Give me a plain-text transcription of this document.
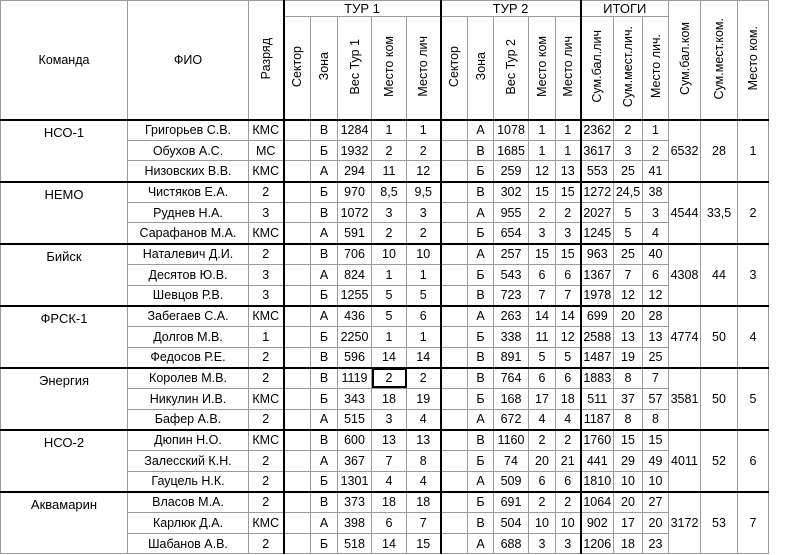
Команда	ФИО	Разряд	ТУР 1					ТУР 2					ИТОГИ			Сум.бал.ком	Сум.мест.ком.	Место ком.
			Сектор	Зона	Вес Тур 1	Место ком	Место лич	Сектор	Зона	Вес Тур 2	Место ком	Место лич	Сум.бал.лич	Сум.мест.лич.	Место лич.			
НСО-1	Григорьев С.В.	КМС		В	1284	1	1		А	1078	1	1	2362	2	1	6532	28	1
	Обухов А.С.	МС		Б	1932	2	2		В	1685	1	1	3617	3	2			
	Низовских В.В.	КМС		А	294	11	12		Б	259	12	13	553	25	41			
НЕМО	Чистяков Е.А.	2		Б	970	8,5	9,5		В	302	15	15	1272	24,5	38	4544	33,5	2
	Руднев Н.А.	3		В	1072	3	3		А	955	2	2	2027	5	3			
	Сарафанов М.А.	КМС		А	591	2	2		Б	654	3	3	1245	5	4			
Бийск	Наталевич Д.И.	2		В	706	10	10		А	257	15	15	963	25	40	4308	44	3
	Десятов Ю.В.	3		А	824	1	1		Б	543	6	6	1367	7	6			
	Шевцов Р.В.	3		Б	1255	5	5		В	723	7	7	1978	12	12			
ФРСК-1	Забегаев С.А.	КМС		А	436	5	6		А	263	14	14	699	20	28	4774	50	4
	Долгов М.В.	1		Б	2250	1	1		Б	338	11	12	2588	13	13			
	Федосов Р.Е.	2		В	596	14	14		В	891	5	5	1487	19	25			
Энергия	Королев М.В.	2		В	1119	2	2		В	764	6	6	1883	8	7	3581	50	5
	Никулин И.В.	КМС		Б	343	18	19		Б	168	17	18	511	37	57			
	Бафер А.В.	2		А	515	3	4		А	672	4	4	1187	8	8			
НСО-2	Дюпин Н.О.	КМС		В	600	13	13		В	1160	2	2	1760	15	15	4011	52	6
	Залесский К.Н.	2		А	367	7	8		Б	74	20	21	441	29	49			
	Гауцель Н.К.	2		Б	1301	4	4		А	509	6	6	1810	10	10			
Аквамарин	Власов М.А.	2		В	373	18	18		Б	691	2	2	1064	20	27	3172	53	7
	Карлюк Д.А.	КМС		А	398	6	7		В	504	10	10	902	17	20			
	Шабанов А.В.	2		Б	518	14	15		А	688	3	3	1206	18	23			
